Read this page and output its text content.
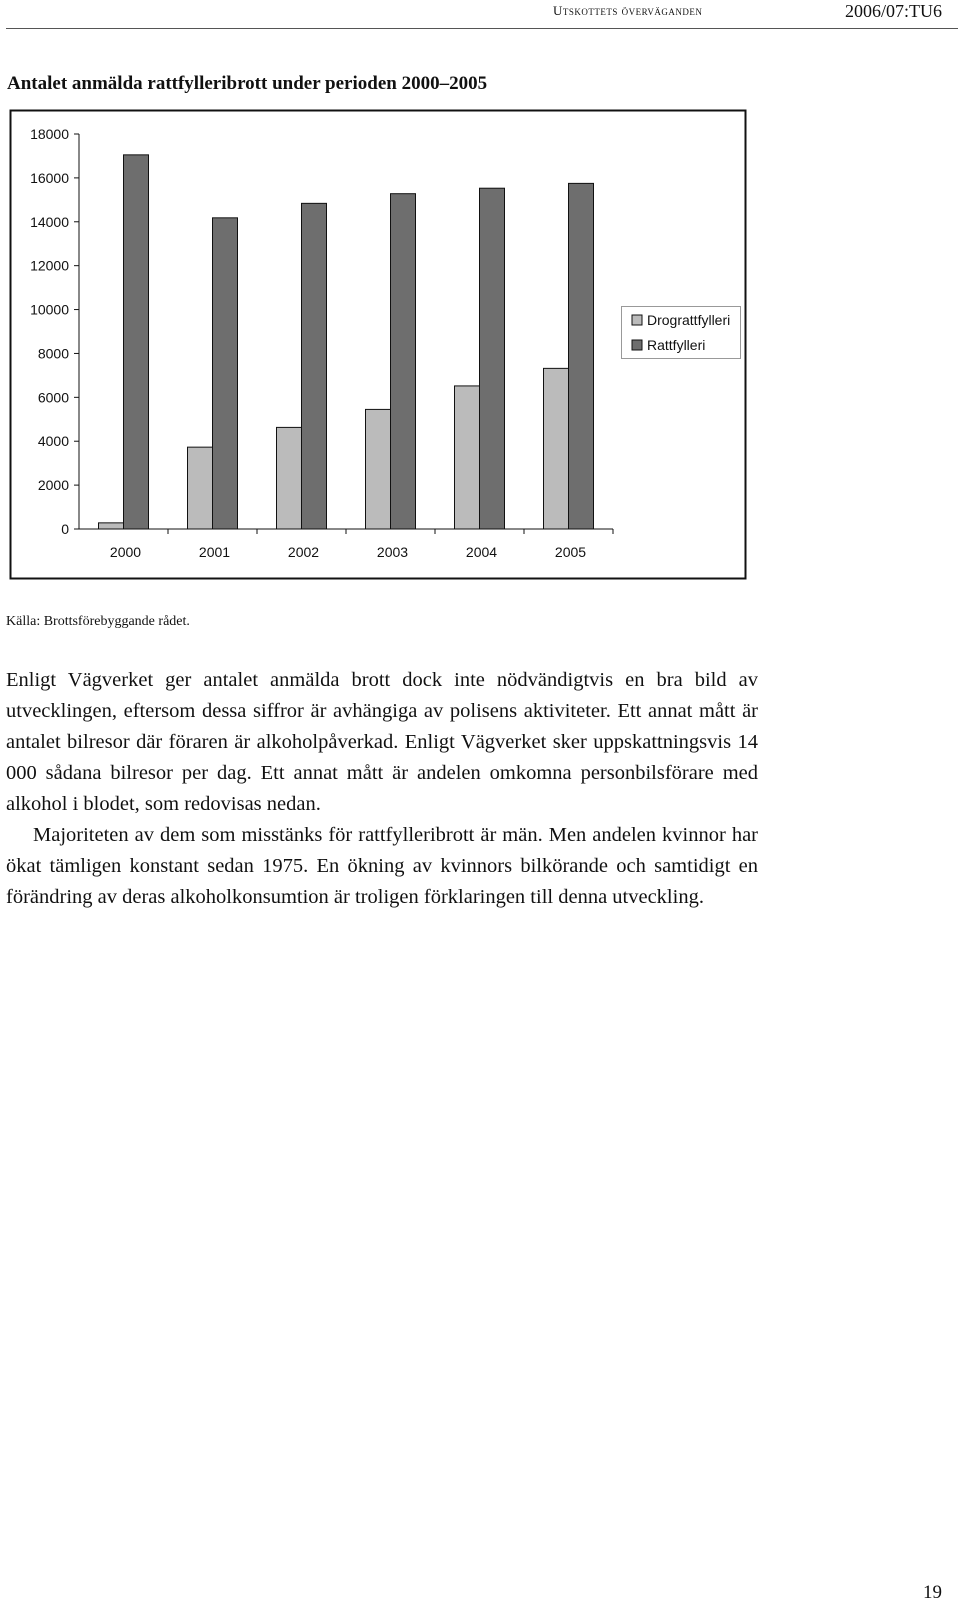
Utskottets överväganden	2006/07:TU6
Antalet anmälda rattfylleribrott under perioden 2000–2005
0
2000
4000
6000
8000
10000
12000
14000
16000
18000
2000	2001	2002	2003	2004	2005
Drograttfylleri
Rattfylleri
Källa: Brottsförebyggande rådet.

Enligt Vägverket ger antalet anmälda brott dock inte nödvändigtvis en bra bild av utvecklingen, eftersom dessa siffror är avhängiga av polisens aktiviteter. Ett annat mått är antalet bilresor där föraren är alkoholpåverkad. Enligt Vägverket sker uppskattningsvis 14 000 sådana bilresor per dag. Ett annat mått är andelen omkomna personbilsförare med alkohol i blodet, som redovisas nedan.

Majoriteten av dem som misstänks för rattfylleribrott är män. Men andelen kvinnor har ökat tämligen konstant sedan 1975. En ökning av kvinnors bilkörande och samtidigt en förändring av deras alkoholkonsumtion är troligen förklaringen till denna utveckling.

19
